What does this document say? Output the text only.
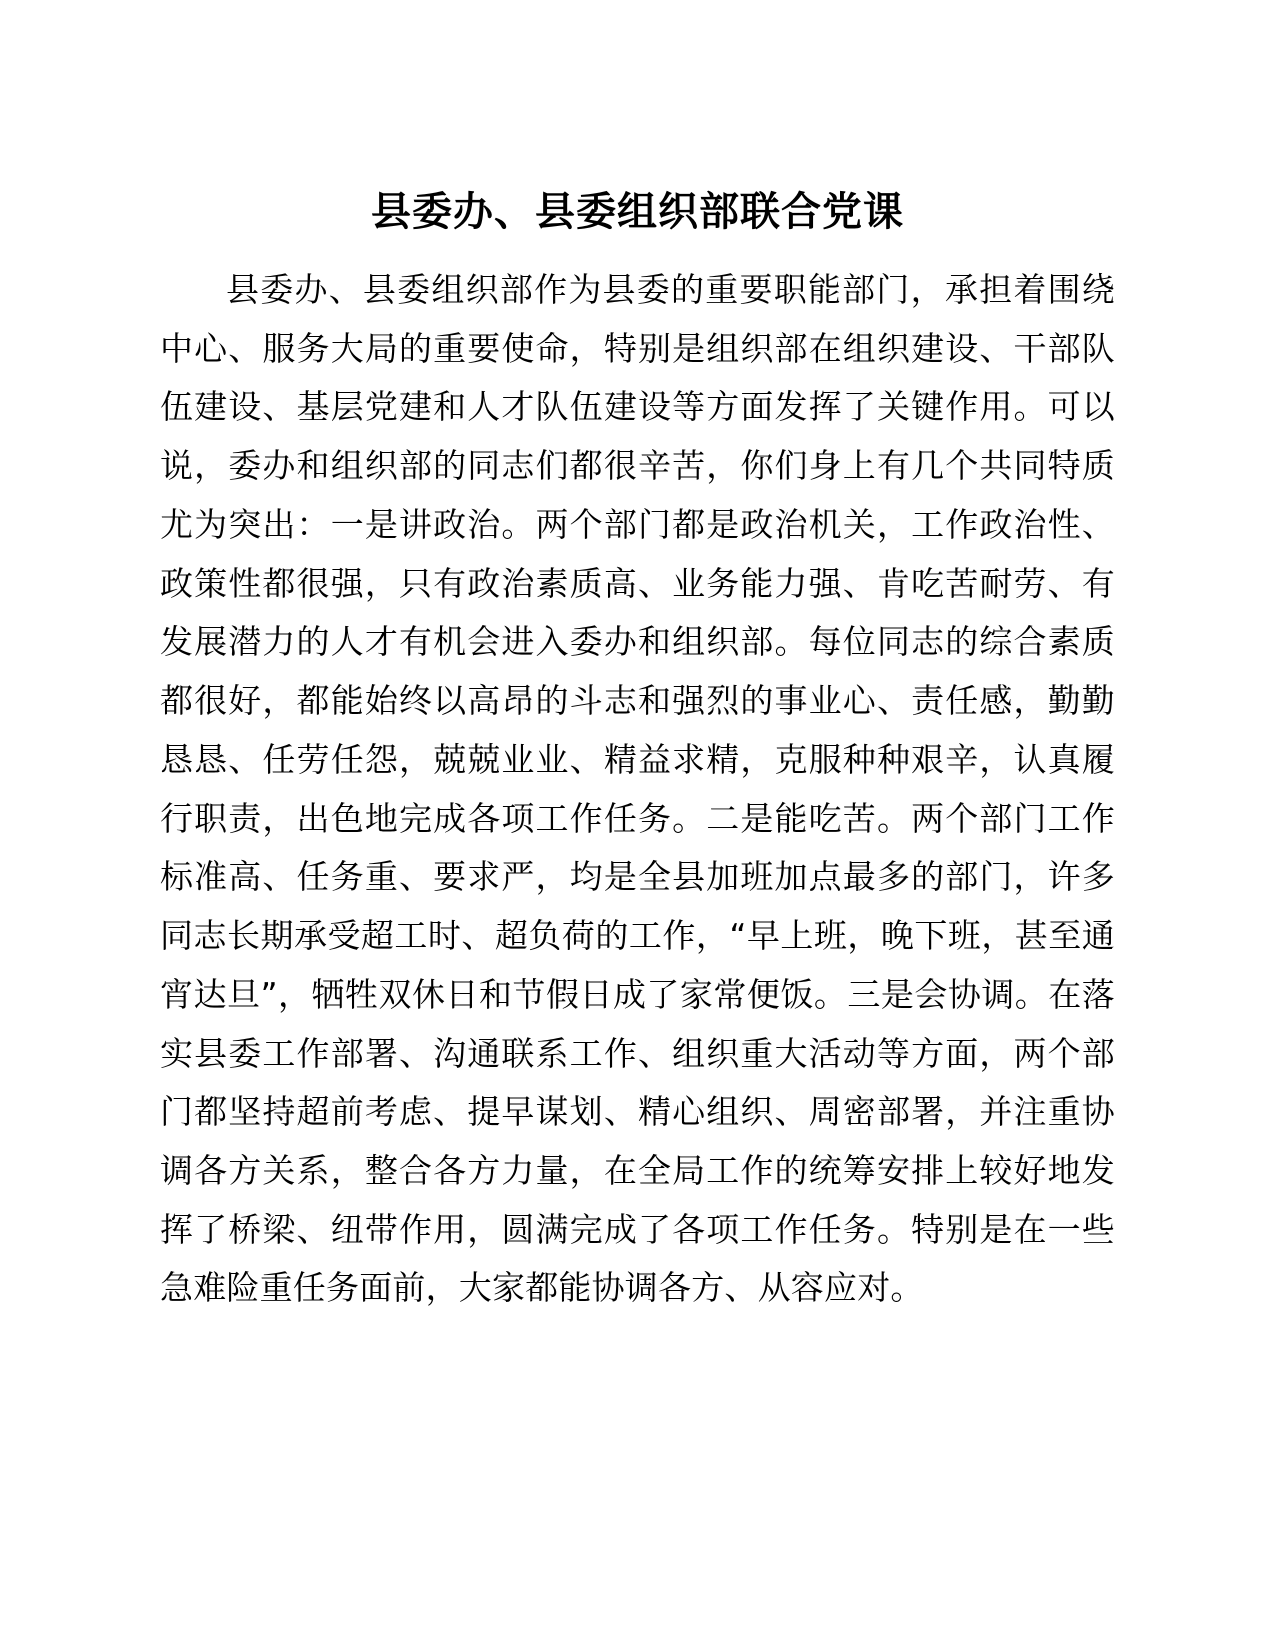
县委办、县委组织部联合党课

县委办、县委组织部作为县委的重要职能部门，承担着围绕中心、服务大局的重要使命，特别是组织部在组织建设、干部队伍建设、基层党建和人才队伍建设等方面发挥了关键作用。可以说，委办和组织部的同志们都很辛苦，你们身上有几个共同特质尤为突出：一是讲政治。两个部门都是政治机关，工作政治性、政策性都很强，只有政治素质高、业务能力强、肯吃苦耐劳、有发展潜力的人才有机会进入委办和组织部。每位同志的综合素质都很好，都能始终以高昂的斗志和强烈的事业心、责任感，勤勤恳恳、任劳任怨，兢兢业业、精益求精，克服种种艰辛，认真履行职责，出色地完成各项工作任务。二是能吃苦。两个部门工作标准高、任务重、要求严，均是全县加班加点最多的部门，许多同志长期承受超工时、超负荷的工作，“早上班，晚下班，甚至通宵达旦”，牺牲双休日和节假日成了家常便饭。三是会协调。在落实县委工作部署、沟通联系工作、组织重大活动等方面，两个部门都坚持超前考虑、提早谋划、精心组织、周密部署，并注重协调各方关系，整合各方力量，在全局工作的统筹安排上较好地发挥了桥梁、纽带作用，圆满完成了各项工作任务。特别是在一些急难险重任务面前，大家都能协调各方、从容应对。
